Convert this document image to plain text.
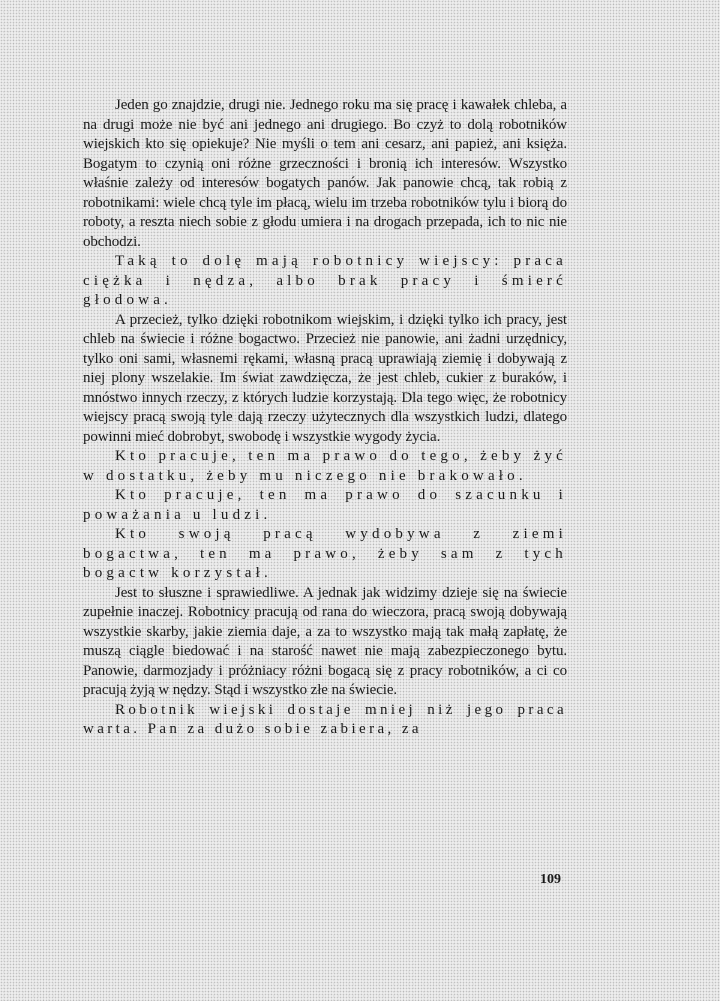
Jeden go znajdzie, drugi nie. Jednego roku ma się pracę i kawałek chleba, a na drugi może nie być ani jednego ani drugiego. Bo czyż to dolą robotników wiejskich kto się opiekuje? Nie myśli o tem ani cesarz, ani papież, ani księża. Bogatym to czynią oni różne grzeczności i bronią ich interesów. Wszystko właśnie zależy od interesów bogatych panów. Jak panowie chcą, tak robią z robotnikami: wiele chcą tyle im płacą, wielu im trzeba robotników tylu i biorą do roboty, a reszta niech sobie z głodu umiera i na drogach przepada, ich to nic nie obchodzi.

Taką to dolę mają robotnicy wiejscy: praca ciężka i nędza, albo brak pracy i śmierć głodowa.

A przecież, tylko dzięki robotnikom wiejskim, i dzięki tylko ich pracy, jest chleb na świecie i różne bogactwo. Przecież nie panowie, ani żadni urzędnicy, tylko oni sami, własnemi rękami, własną pracą uprawiają ziemię i dobywają z niej plony wszelakie. Im świat zawdzięcza, że jest chleb, cukier z buraków, i mnóstwo innych rzeczy, z których ludzie korzystają. Dla tego więc, że robotnicy wiejscy pracą swoją tyle dają rzeczy użytecznych dla wszystkich ludzi, dlatego powinni mieć dobrobyt, swobodę i wszystkie wygody życia.

Kto pracuje, ten ma prawo do tego, żeby żyć w dostatku, żeby mu niczego nie brakowało.

Kto pracuje, ten ma prawo do szacunku i poważania u ludzi.

Kto swoją pracą wydobywa z ziemi bogactwa, ten ma prawo, żeby sam z tych bogactw korzystał.

Jest to słuszne i sprawiedliwe. A jednak jak widzimy dzieje się na świecie zupełnie inaczej. Robotnicy pracują od rana do wieczora, pracą swoją dobywają wszystkie skarby, jakie ziemia daje, a za to wszystko mają tak małą zapłatę, że muszą ciągle biedować i na starość nawet nie mają zabezpieczonego bytu. Panowie, darmozjady i próżniacy różni bogacą się z pracy robotników, a ci co pracują żyją w nędzy. Stąd i wszystko złe na świecie.

Robotnik wiejski dostaje mniej niż jego praca warta. Pan za dużo sobie zabiera, za

109
